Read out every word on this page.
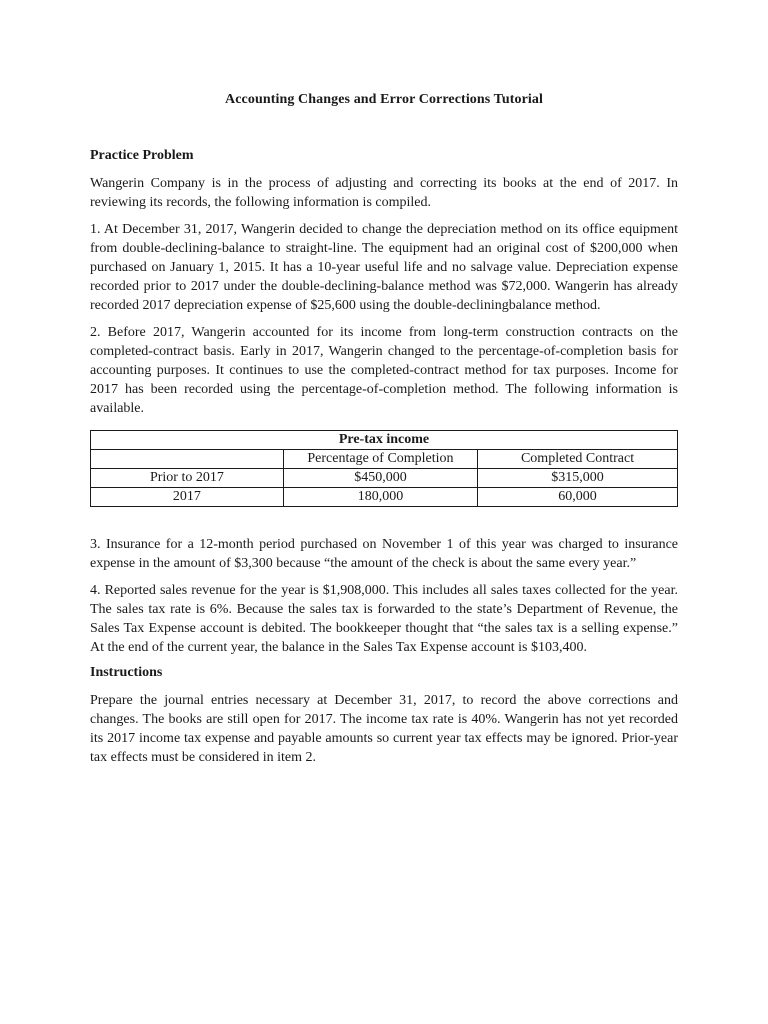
Accounting Changes and Error Corrections Tutorial
Practice Problem

Wangerin Company is in the process of adjusting and correcting its books at the end of 2017. In reviewing its records, the following information is compiled.

1. At December 31, 2017, Wangerin decided to change the depreciation method on its office equipment from double-declining-balance to straight-line. The equipment had an original cost of $200,000 when purchased on January 1, 2015. It has a 10-year useful life and no salvage value. Depreciation expense recorded prior to 2017 under the double-declining-balance method was $72,000. Wangerin has already recorded 2017 depreciation expense of $25,600 using the double-decliningbalance method.

2. Before 2017, Wangerin accounted for its income from long-term construction contracts on the completed-contract basis. Early in 2017, Wangerin changed to the percentage-of-completion basis for accounting purposes. It continues to use the completed-contract method for tax purposes. Income for 2017 has been recorded using the percentage-of-completion method. The following information is available.

Pre-tax income		
	Percentage of Completion	Completed Contract
Prior to 2017	$450,000	$315,000
2017	180,000	60,000

3. Insurance for a 12-month period purchased on November 1 of this year was charged to insurance expense in the amount of $3,300 because “the amount of the check is about the same every year.”

4. Reported sales revenue for the year is $1,908,000. This includes all sales taxes collected for the year. The sales tax rate is 6%. Because the sales tax is forwarded to the state’s Department of Revenue, the Sales Tax Expense account is debited. The bookkeeper thought that “the sales tax is a selling expense.” At the end of the current year, the balance in the Sales Tax Expense account is $103,400.

Instructions

Prepare the journal entries necessary at December 31, 2017, to record the above corrections and changes. The books are still open for 2017. The income tax rate is 40%. Wangerin has not yet recorded its 2017 income tax expense and payable amounts so current year tax effects may be ignored. Prior-year tax effects must be considered in item 2.
